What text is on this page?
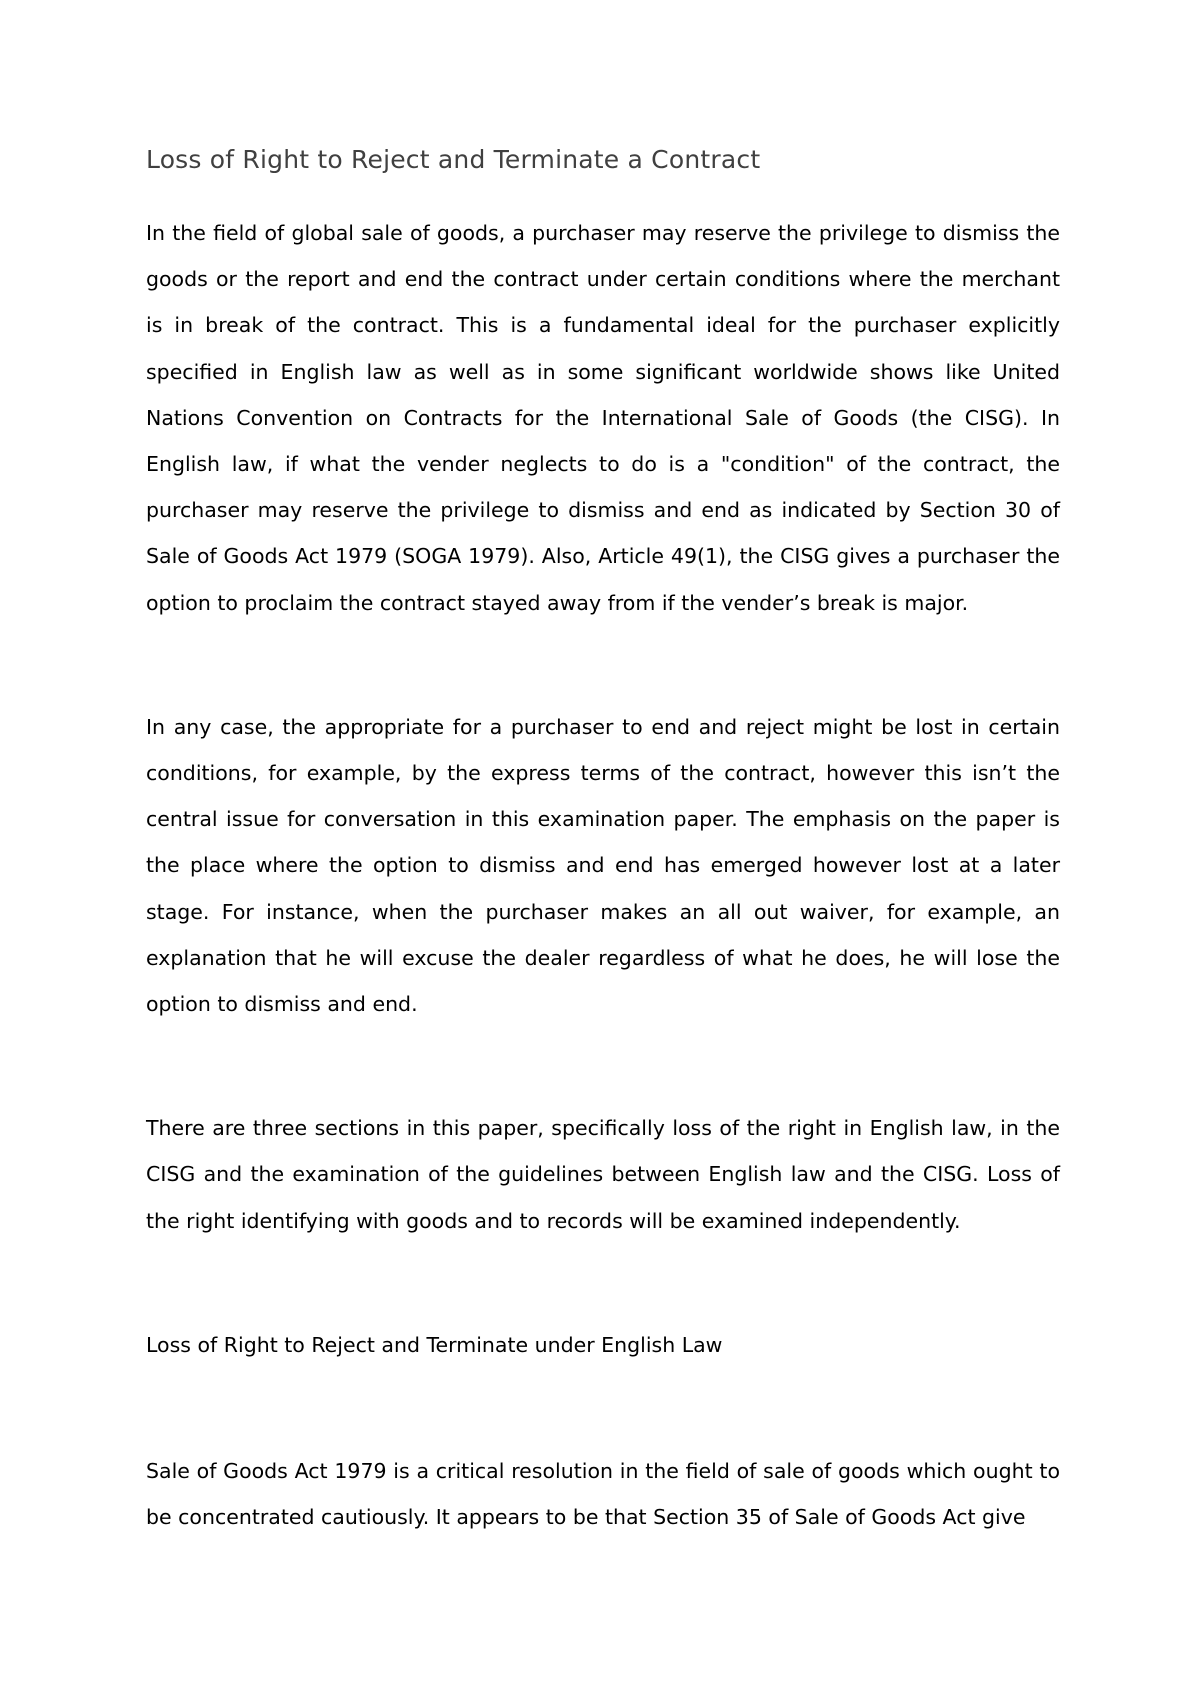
Loss of Right to Reject and Terminate a Contract

In the field of global sale of goods, a purchaser may reserve the privilege to dismiss the goods or the report and end the contract under certain conditions where the merchant is in break of the contract. This is a fundamental ideal for the purchaser explicitly specified in English law as well as in some significant worldwide shows like United Nations Convention on Contracts for the International Sale of Goods (the CISG). In English law, if what the vender neglects to do is a "condition" of the contract, the purchaser may reserve the privilege to dismiss and end as indicated by Section 30 of Sale of Goods Act 1979 (SOGA 1979). Also, Article 49(1), the CISG gives a purchaser the option to proclaim the contract stayed away from if the vender’s break is major.

In any case, the appropriate for a purchaser to end and reject might be lost in certain conditions, for example, by the express terms of the contract, however this isn’t the central issue for conversation in this examination paper. The emphasis on the paper is the place where the option to dismiss and end has emerged however lost at a later stage. For instance, when the purchaser makes an all out waiver, for example, an explanation that he will excuse the dealer regardless of what he does, he will lose the option to dismiss and end.

There are three sections in this paper, specifically loss of the right in English law, in the CISG and the examination of the guidelines between English law and the CISG. Loss of the right identifying with goods and to records will be examined independently.

Loss of Right to Reject and Terminate under English Law

Sale of Goods Act 1979 is a critical resolution in the field of sale of goods which ought to be concentrated cautiously. It appears to be that Section 35 of Sale of Goods Act give
